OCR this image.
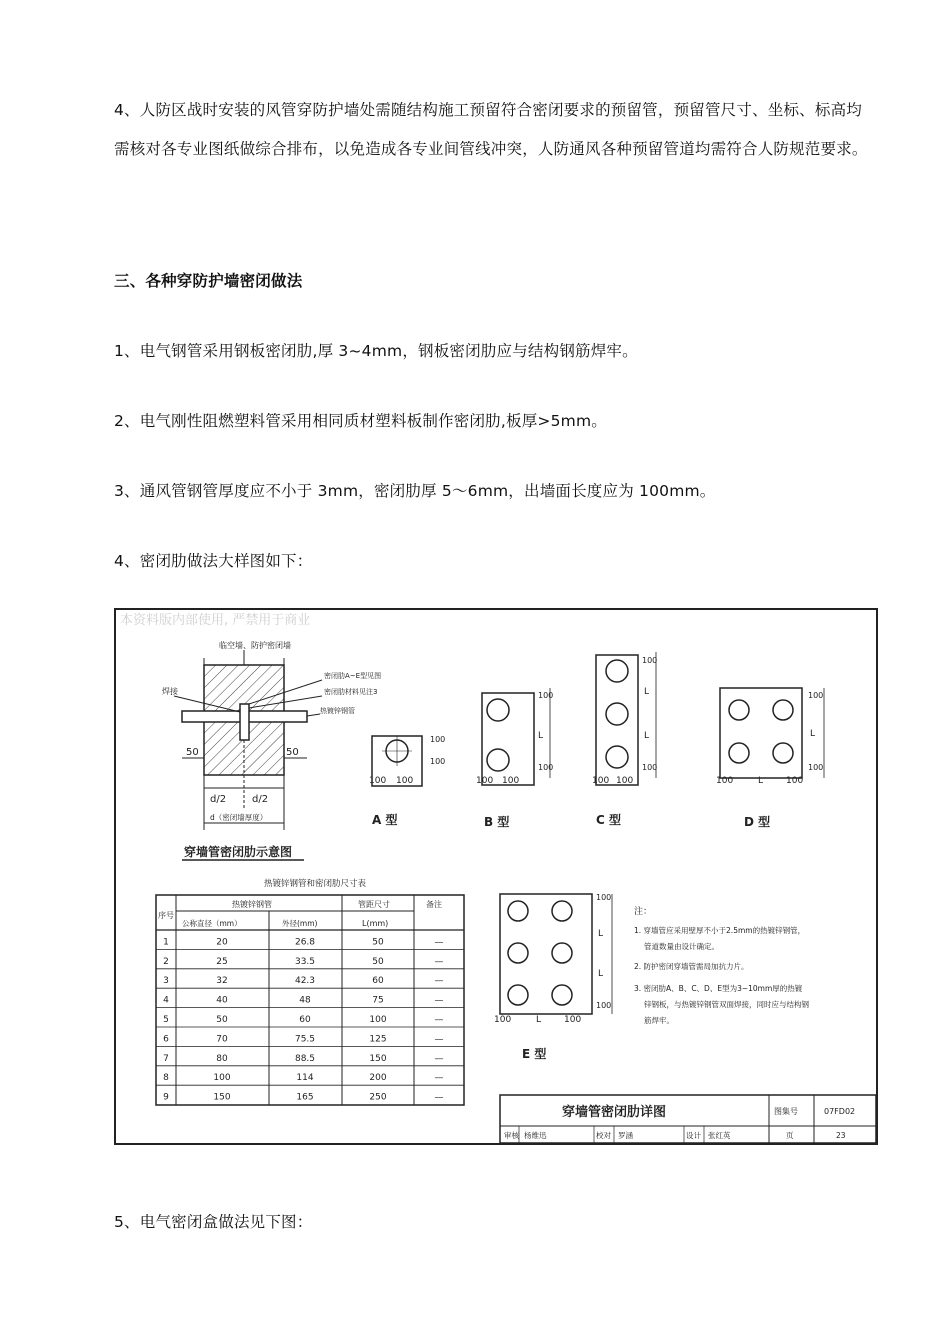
4、人防区战时安装的风管穿防护墙处需随结构施工预留符合密闭要求的预留管，预留管尺寸、坐标、标高均需核对各专业图纸做综合排布，以免造成各专业间管线冲突，人防通风各种预留管道均需符合人防规范要求。
三、各种穿防护墙密闭做法
1、电气钢管采用钢板密闭肋,厚 3~4mm，钢板密闭肋应与结构钢筋焊牢。
2、电气刚性阻燃塑料管采用相同质材塑料板制作密闭肋,板厚>5mm。
3、通风管钢管厚度应不小于 3mm，密闭肋厚 5～6mm，出墙面长度应为 100mm。
4、密闭肋做法大样图如下：
本资料版内部使用, 严禁用于商业
临空墙、防护密闭墙
焊接
密闭肋A~E型见图
密闭肋材料见注3
热镀锌钢管
50	50
d/2	d/2
d（密闭墙厚度）
穿墙管密闭肋示意图
100 100
100
100
A 型
100 100
100
L
100
B 型
100 100
100
L
L
100
C 型
100	L	100
100
L
100
D 型
100	L	100
100
L
L
100
E 型
注：
1. 穿墙管应采用壁厚不小于2.5mm的热镀锌钢管，
管道数量由设计确定。
2. 防护密闭穿墙管需局加抗力片。
3. 密闭肋A、B、C、D、E型为3~10mm厚的热镀
锌钢板，与热镀锌钢管双面焊接，同时应与结构钢
筋焊牢。
热镀锌钢管和密闭肋尺寸表
序号
热镀锌钢管
公称直径（mm）	外径(mm)
管距尺寸
L(mm)
备注
1	20	26.8	50	—
2	25	33.5	50	—
3	32	42.3	60	—
4	40	48	75	—
5	50	60	100	—
6	70	75.5	125	—
7	80	88.5	150	—
8	100	114	200	—
9	150	165	250	—
穿墙管密闭肋详图	图集号	07FD02
审核 杨维迅	校对 罗涵	设计 张红英	页	23
5、电气密闭盒做法见下图：
